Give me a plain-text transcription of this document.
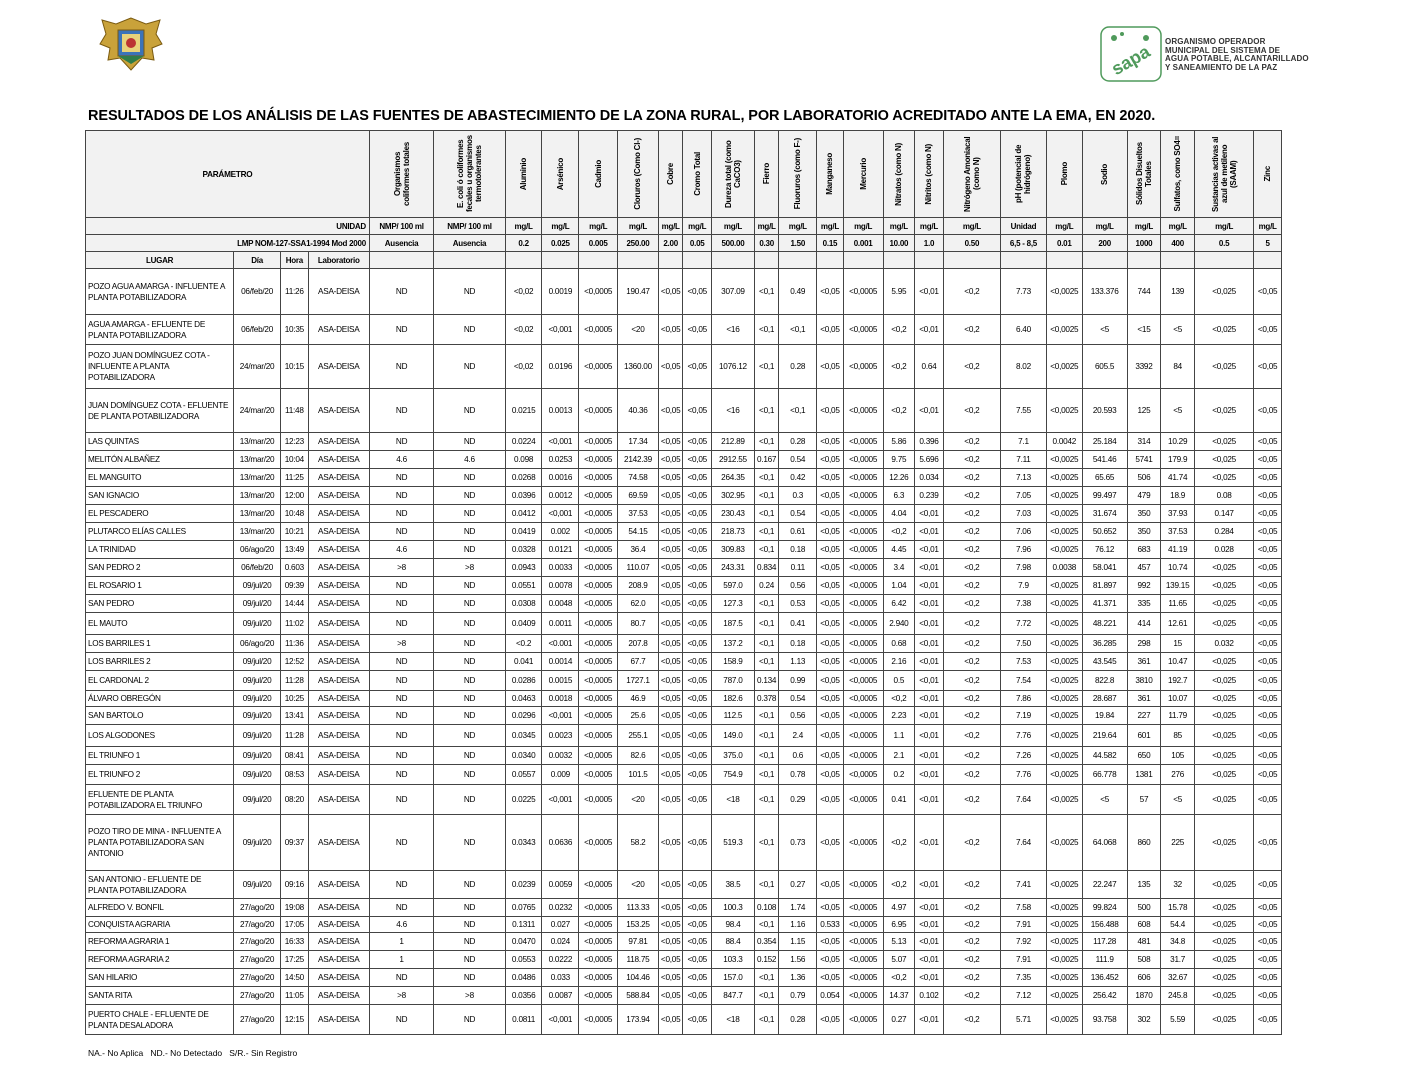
sapa ORGANISMO OPERADOR
MUNICIPAL DEL SISTEMA DE
AGUA POTABLE, ALCANTARILLADO
Y SANEAMIENTO DE LA PAZ
RESULTADOS DE LOS ANÁLISIS DE LAS FUENTES DE ABASTECIMIENTO DE LA ZONA RURAL, POR LABORATORIO ACREDITADO ANTE LA EMA, EN 2020.
PARÁMETRO				Organismos coliformes totales	E. coli ó coliformes fecales u organismos termotolerantes	Aluminio	Arsénico	Cadmio	Cloruros (Como Cl-)	Cobre	Cromo Total	Dureza total (como CaCO3)	Fierro	Fluoruros (como F-)	Manganeso	Mercurio	Nitratos (como N)	Nitritos (como N)	Nitrógeno Amoniacal (como N)	pH (potencial de hidrógeno)	Plomo	Sodio	Sólidos Disueltos Totales	Sulfatos, como SO4=	Sustancias activas al azul de metileno (SAAM)	Zinc

UNIDAD				NMP/ 100 ml	NMP/ 100 ml	mg/L	mg/L	mg/L	mg/L	mg/L	mg/L	mg/L	mg/L	mg/L	mg/L	mg/L	mg/L	mg/L	mg/L	Unidad	mg/L	mg/L	mg/L	mg/L	mg/L	mg/L
LMP NOM-127-SSA1-1994 Mod 2000				Ausencia	Ausencia	0.2	0.025	0.005	250.00	2.00	0.05	500.00	0.30	1.50	0.15	0.001	10.00	1.0	0.50	6,5 - 8,5	0.01	200	1000	400	0.5	5
LUGAR	Día	Hora	Laboratorio																							
POZO AGUA AMARGA - INFLUENTE A PLANTA POTABILIZADORA	06/feb/20	11:26	ASA-DEISA	ND	ND	<0,02	0.0019	<0,0005	190.47	<0,05	<0,05	307.09	<0,1	0.49	<0,05	<0,0005	5.95	<0,01	<0,2	7.73	<0,0025	133.376	744	139	<0,025	<0,05
AGUA AMARGA - EFLUENTE DE PLANTA POTABILIZADORA	06/feb/20	10:35	ASA-DEISA	ND	ND	<0,02	<0,001	<0,0005	<20	<0,05	<0,05	<16	<0,1	<0,1	<0,05	<0,0005	<0,2	<0,01	<0,2	6.40	<0,0025	<5	<15	<5	<0,025	<0,05
POZO JUAN DOMÍNGUEZ COTA - INFLUENTE A PLANTA POTABILIZADORA	24/mar/20	10:15	ASA-DEISA	ND	ND	<0,02	0.0196	<0,0005	1360.00	<0,05	<0,05	1076.12	<0,1	0.28	<0,05	<0,0005	<0,2	0.64	<0,2	8.02	<0,0025	605.5	3392	84	<0,025	<0,05
JUAN DOMÍNGUEZ COTA - EFLUENTE DE PLANTA POTABILIZADORA	24/mar/20	11:48	ASA-DEISA	ND	ND	0.0215	0.0013	<0,0005	40.36	<0,05	<0,05	<16	<0,1	<0,1	<0,05	<0,0005	<0,2	<0,01	<0,2	7.55	<0,0025	20.593	125	<5	<0,025	<0,05
LAS QUINTAS	13/mar/20	12:23	ASA-DEISA	ND	ND	0.0224	<0,001	<0,0005	17.34	<0,05	<0,05	212.89	<0,1	0.28	<0,05	<0,0005	5.86	0.396	<0,2	7.1	0.0042	25.184	314	10.29	<0,025	<0,05
MELITÓN ALBAÑEZ	13/mar/20	10:04	ASA-DEISA	4.6	4.6	0.098	0.0253	<0,0005	2142.39	<0,05	<0,05	2912.55	0.167	0.54	<0,05	<0,0005	9.75	5.696	<0,2	7.11	<0,0025	541.46	5741	179.9	<0,025	<0,05
EL MANGUITO	13/mar/20	11:25	ASA-DEISA	ND	ND	0.0268	0.0016	<0,0005	74.58	<0,05	<0,05	264.35	<0,1	0.42	<0,05	<0,0005	12.26	0.034	<0,2	7.13	<0,0025	65.65	506	41.74	<0,025	<0,05
SAN IGNACIO	13/mar/20	12:00	ASA-DEISA	ND	ND	0.0396	0.0012	<0,0005	69.59	<0,05	<0,05	302.95	<0,1	0.3	<0,05	<0,0005	6.3	0.239	<0,2	7.05	<0,0025	99.497	479	18.9	0.08	<0,05
EL PESCADERO	13/mar/20	10:48	ASA-DEISA	ND	ND	0.0412	<0,001	<0,0005	37.53	<0,05	<0,05	230.43	<0,1	0.54	<0,05	<0,0005	4.04	<0,01	<0,2	7.03	<0,0025	31.674	350	37.93	0.147	<0,05
PLUTARCO ELÍAS CALLES	13/mar/20	10:21	ASA-DEISA	ND	ND	0.0419	0.002	<0,0005	54.15	<0,05	<0,05	218.73	<0,1	0.61	<0,05	<0,0005	<0,2	<0,01	<0,2	7.06	<0,0025	50.652	350	37.53	0.284	<0,05
LA TRINIDAD	06/ago/20	13:49	ASA-DEISA	4.6	ND	0.0328	0.0121	<0,0005	36.4	<0,05	<0,05	309.83	<0,1	0.18	<0,05	<0,0005	4.45	<0,01	<0,2	7.96	<0,0025	76.12	683	41.19	0.028	<0,05
SAN PEDRO 2	06/feb/20	0.603	ASA-DEISA	>8	>8	0.0943	0.0033	<0,0005	110.07	<0,05	<0,05	243.31	0.834	0.11	<0,05	<0,0005	3.4	<0,01	<0,2	7.98	0.0038	58.041	457	10.74	<0,025	<0,05
EL ROSARIO 1	09/jul/20	09:39	ASA-DEISA	ND	ND	0.0551	0.0078	<0,0005	208.9	<0,05	<0,05	597.0	0.24	0.56	<0,05	<0,0005	1.04	<0,01	<0,2	7.9	<0,0025	81.897	992	139.15	<0,025	<0,05
SAN PEDRO	09/jul/20	14:44	ASA-DEISA	ND	ND	0.0308	0.0048	<0,0005	62.0	<0,05	<0,05	127.3	<0,1	0.53	<0,05	<0,0005	6.42	<0,01	<0,2	7.38	<0,0025	41.371	335	11.65	<0,025	<0,05
EL MAUTO	09/jul/20	11:02	ASA-DEISA	ND	ND	0.0409	0.0011	<0,0005	80.7	<0,05	<0,05	187.5	<0,1	0.41	<0,05	<0,0005	2.940	<0,01	<0,2	7.72	<0,0025	48.221	414	12.61	<0,025	<0,05
LOS BARRILES 1	06/ago/20	11:36	ASA-DEISA	>8	ND	<0.2	<0.001	<0,0005	207.8	<0,05	<0,05	137.2	<0,1	0.18	<0,05	<0,0005	0.68	<0,01	<0,2	7.50	<0,0025	36.285	298	15	0.032	<0,05
LOS BARRILES 2	09/jul/20	12:52	ASA-DEISA	ND	ND	0.041	0.0014	<0,0005	67.7	<0,05	<0,05	158.9	<0,1	1.13	<0,05	<0,0005	2.16	<0,01	<0,2	7.53	<0,0025	43.545	361	10.47	<0,025	<0,05
EL CARDONAL 2	09/jul/20	11:28	ASA-DEISA	ND	ND	0.0286	0.0015	<0,0005	1727.1	<0,05	<0,05	787.0	0.134	0.99	<0,05	<0,0005	0.5	<0,01	<0,2	7.54	<0,0025	822.8	3810	192.7	<0,025	<0,05
ÁLVARO OBREGÓN	09/jul/20	10:25	ASA-DEISA	ND	ND	0.0463	0.0018	<0,0005	46.9	<0,05	<0,05	182.6	0.378	0.54	<0,05	<0,0005	<0,2	<0,01	<0,2	7.86	<0,0025	28.687	361	10.07	<0,025	<0,05
SAN BARTOLO	09/jul/20	13:41	ASA-DEISA	ND	ND	0.0296	<0,001	<0,0005	25.6	<0,05	<0,05	112.5	<0,1	0.56	<0,05	<0,0005	2.23	<0,01	<0,2	7.19	<0,0025	19.84	227	11.79	<0,025	<0,05
LOS ALGODONES	09/jul/20	11:28	ASA-DEISA	ND	ND	0.0345	0.0023	<0,0005	255.1	<0,05	<0,05	149.0	<0,1	2.4	<0,05	<0,0005	1.1	<0,01	<0,2	7.76	<0,0025	219.64	601	85	<0,025	<0,05
EL TRIUNFO 1	09/jul/20	08:41	ASA-DEISA	ND	ND	0.0340	0.0032	<0,0005	82.6	<0,05	<0,05	375.0	<0,1	0.6	<0,05	<0,0005	2.1	<0,01	<0,2	7.26	<0,0025	44.582	650	105	<0,025	<0,05
EL TRIUNFO 2	09/jul/20	08:53	ASA-DEISA	ND	ND	0.0557	0.009	<0,0005	101.5	<0,05	<0,05	754.9	<0,1	0.78	<0,05	<0,0005	0.2	<0,01	<0,2	7.76	<0,0025	66.778	1381	276	<0,025	<0,05
EFLUENTE DE PLANTA POTABILIZADORA EL TRIUNFO	09/jul/20	08:20	ASA-DEISA	ND	ND	0.0225	<0,001	<0,0005	<20	<0,05	<0,05	<18	<0,1	0.29	<0,05	<0,0005	0.41	<0,01	<0,2	7.64	<0,0025	<5	57	<5	<0,025	<0,05
POZO TIRO DE MINA - INFLUENTE A PLANTA POTABILIZADORA SAN ANTONIO	09/jul/20	09:37	ASA-DEISA	ND	ND	0.0343	0.0636	<0,0005	58.2	<0,05	<0,05	519.3	<0,1	0.73	<0,05	<0,0005	<0,2	<0,01	<0,2	7.64	<0,0025	64.068	860	225	<0,025	<0,05
SAN ANTONIO - EFLUENTE DE PLANTA POTABILIZADORA	09/jul/20	09:16	ASA-DEISA	ND	ND	0.0239	0.0059	<0,0005	<20	<0,05	<0,05	38.5	<0,1	0.27	<0,05	<0,0005	<0,2	<0,01	<0,2	7.41	<0,0025	22.247	135	32	<0,025	<0,05
ALFREDO V. BONFIL	27/ago/20	19:08	ASA-DEISA	ND	ND	0.0765	0.0232	<0,0005	113.33	<0,05	<0,05	100.3	0.108	1.74	<0,05	<0,0005	4.97	<0,01	<0,2	7.58	<0,0025	99.824	500	15.78	<0,025	<0,05
CONQUISTA AGRARIA	27/ago/20	17:05	ASA-DEISA	4.6	ND	0.1311	0.027	<0,0005	153.25	<0,05	<0,05	98.4	<0,1	1.16	0.533	<0,0005	6.95	<0,01	<0,2	7.91	<0,0025	156.488	608	54.4	<0,025	<0,05
REFORMA AGRARIA 1	27/ago/20	16:33	ASA-DEISA	1	ND	0.0470	0.024	<0,0005	97.81	<0,05	<0,05	88.4	0.354	1.15	<0,05	<0,0005	5.13	<0,01	<0,2	7.92	<0,0025	117.28	481	34.8	<0,025	<0,05
REFORMA AGRARIA 2	27/ago/20	17:25	ASA-DEISA	1	ND	0.0553	0.0222	<0,0005	118.75	<0,05	<0,05	103.3	0.152	1.56	<0,05	<0,0005	5.07	<0,01	<0,2	7.91	<0,0025	111.9	508	31.7	<0,025	<0,05
SAN HILARIO	27/ago/20	14:50	ASA-DEISA	ND	ND	0.0486	0.033	<0,0005	104.46	<0,05	<0,05	157.0	<0,1	1.36	<0,05	<0,0005	<0,2	<0,01	<0,2	7.35	<0,0025	136.452	606	32.67	<0,025	<0,05
SANTA RITA	27/ago/20	11:05	ASA-DEISA	>8	>8	0.0356	0.0087	<0,0005	588.84	<0,05	<0,05	847.7	<0,1	0.79	0.054	<0,0005	14.37	0.102	<0,2	7.12	<0,0025	256.42	1870	245.8	<0,025	<0,05
PUERTO CHALE - EFLUENTE DE PLANTA DESALADORA	27/ago/20	12:15	ASA-DEISA	ND	ND	0.0811	<0,001	<0,0005	173.94	<0,05	<0,05	<18	<0,1	0.28	<0,05	<0,0005	0.27	<0,01	<0,2	5.71	<0,0025	93.758	302	5.59	<0,025	<0,05
NA.- No Aplica   ND.- No Detectado   S/R.- Sin Registro
